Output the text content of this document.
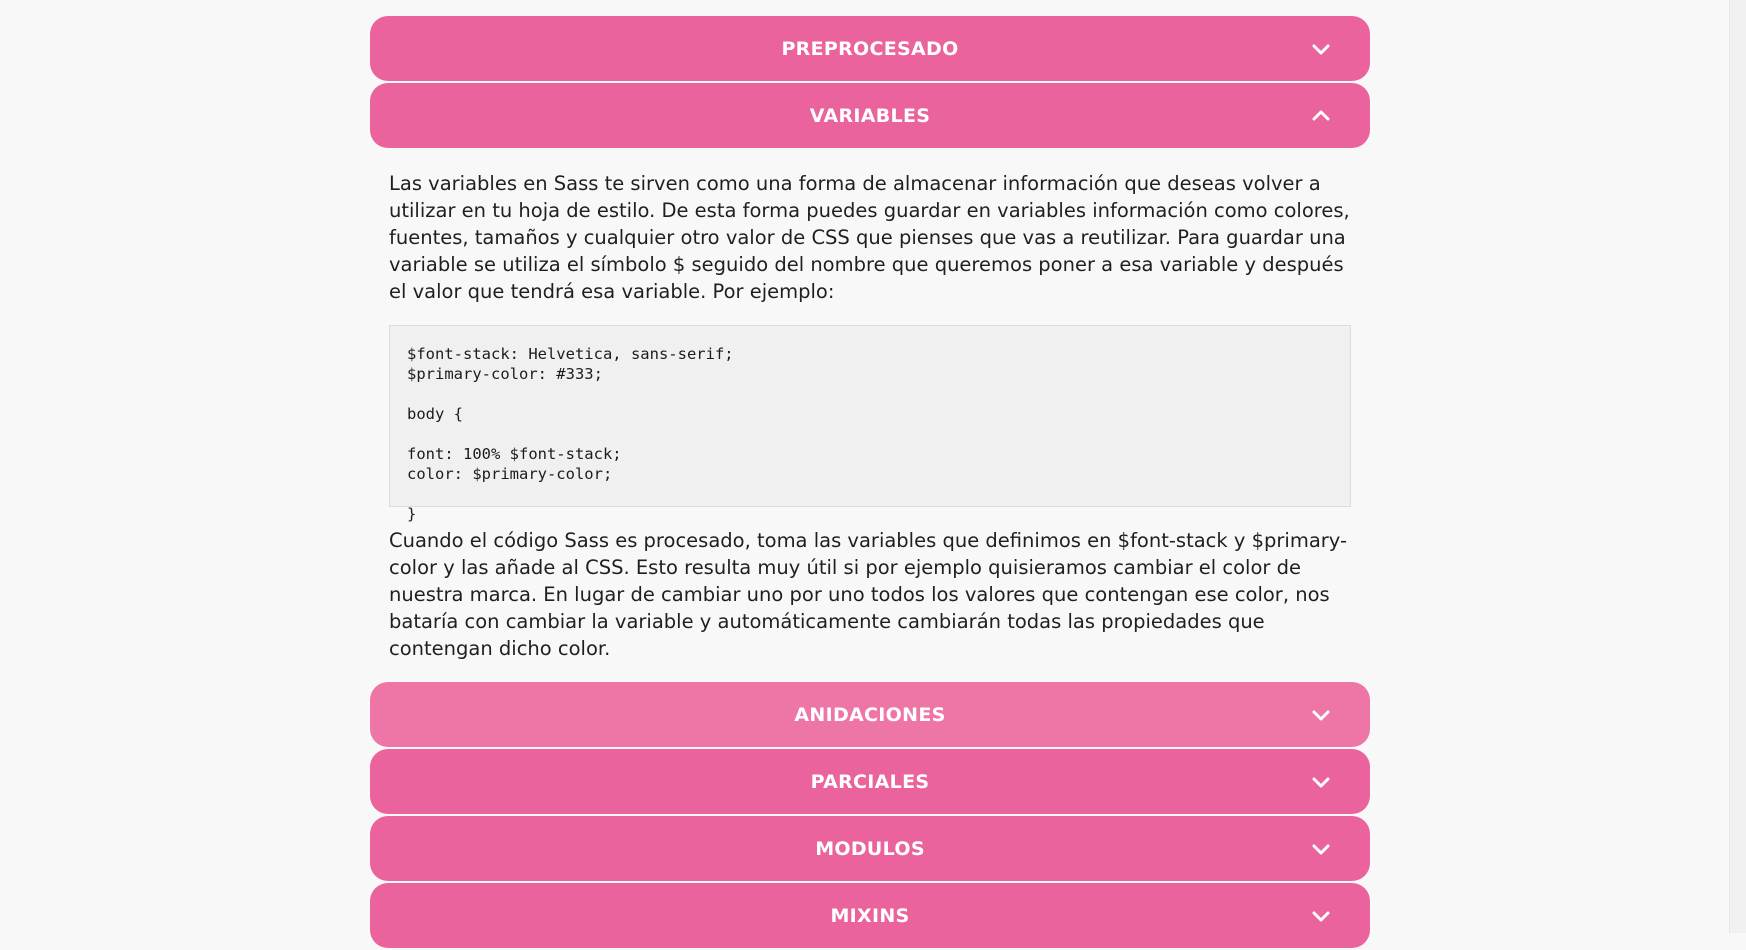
PREPROCESADO
VARIABLES

Las variables en Sass te sirven como una forma de almacenar información que deseas volver a utilizar en tu hoja de estilo. De esta forma puedes guardar en variables información como colores, fuentes, tamaños y cualquier otro valor de CSS que pienses que vas a reutilizar. Para guardar una variable se utiliza el símbolo $ seguido del nombre que queremos poner a esa variable y después el valor que tendrá esa variable. Por ejemplo:

$font-stack: Helvetica, sans-serif;
$primary-color: #333;

body {

font: 100% $font-stack;
color: $primary-color;

}

Cuando el código Sass es procesado, toma las variables que definimos en $font-stack y $primary-color y las añade al CSS. Esto resulta muy útil si por ejemplo quisieramos cambiar el color de nuestra marca. En lugar de cambiar uno por uno todos los valores que contengan ese color, nos bataría con cambiar la variable y automáticamente cambiarán todas las propiedades que contengan dicho color.

ANIDACIONES
PARCIALES
MODULOS
MIXINS
